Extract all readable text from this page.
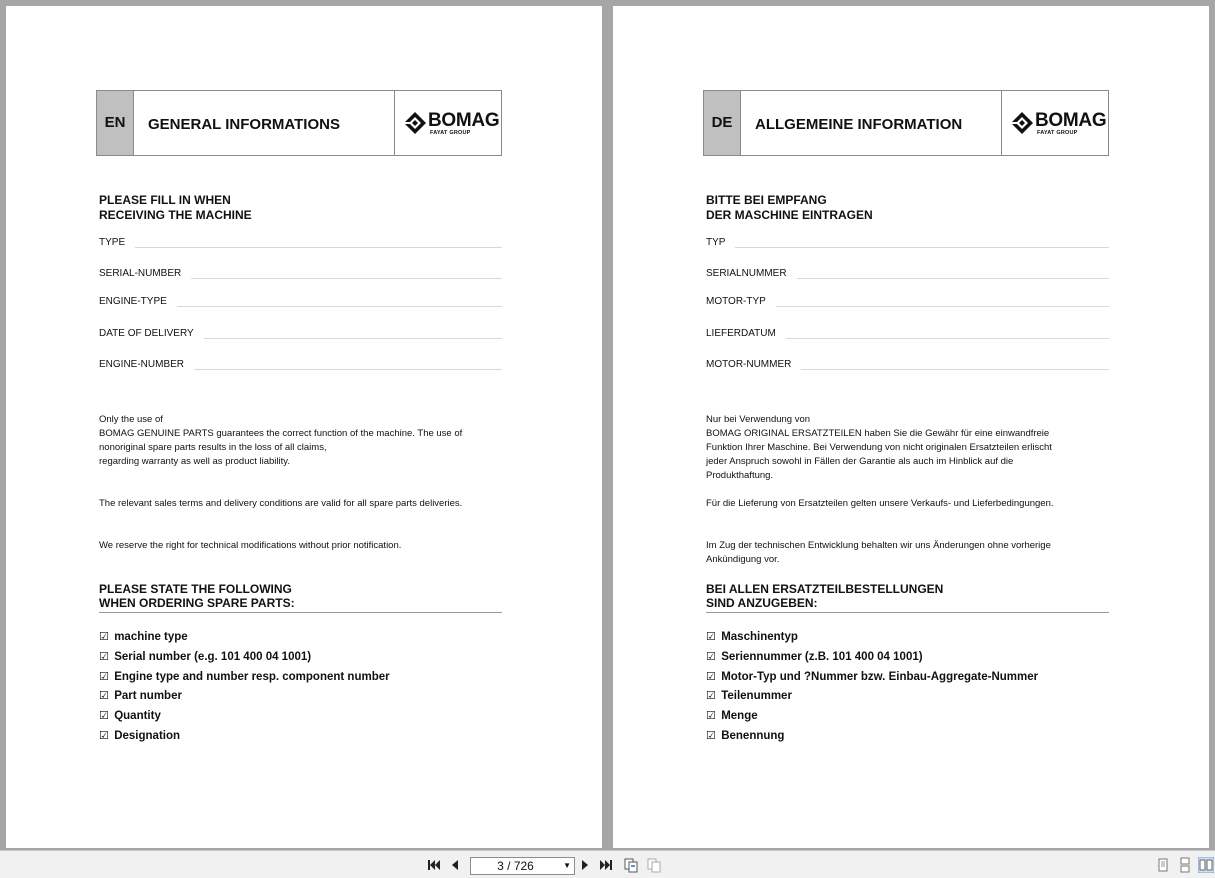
EN	GENERAL INFORMATIONS	BOMAG
FAYAT GROUP
PLEASE FILL IN WHEN
RECEIVING THE MACHINE
TYPE
SERIAL-NUMBER
ENGINE-TYPE
DATE OF DELIVERY
ENGINE-NUMBER
Only the use of
BOMAG GENUINE PARTS guarantees the correct function of the machine. The use of
nonoriginal spare parts results in the loss of all claims,
regarding warranty as well as product liability.
The relevant sales terms and delivery conditions are valid for all spare parts deliveries.
We reserve the right for technical modifications without prior notification.
PLEASE STATE THE FOLLOWING
WHEN ORDERING SPARE PARTS:
☑ machine type
☑ Serial number (e.g. 101 400 04 1001)
☑ Engine type and number resp. component number
☑ Part number
☑ Quantity
☑ Designation
DE	ALLGEMEINE INFORMATION	BOMAG
FAYAT GROUP
BITTE BEI EMPFANG
DER MASCHINE EINTRAGEN
TYP
SERIALNUMMER
MOTOR-TYP
LIEFERDATUM
MOTOR-NUMMER
Nur bei Verwendung von
BOMAG ORIGINAL ERSATZTEILEN haben Sie die Gewähr für eine einwandfreie
Funktion Ihrer Maschine. Bei Verwendung von nicht originalen Ersatzteilen erlischt
jeder Anspruch sowohl in Fällen der Garantie als auch im Hinblick auf die
Produkthaftung.
Für die Lieferung von Ersatzteilen gelten unsere Verkaufs- und Lieferbedingungen.
Im Zug der technischen Entwicklung behalten wir uns Änderungen ohne vorherige
Ankündigung vor.
BEI ALLEN ERSATZTEILBESTELLUNGEN
SIND ANZUGEBEN:
☑ Maschinentyp
☑ Seriennummer (z.B. 101 400 04 1001)
☑ Motor-Typ und ?Nummer bzw. Einbau-Aggregate-Nummer
☑ Teilenummer
☑ Menge
☑ Benennung
3 / 726	▼
